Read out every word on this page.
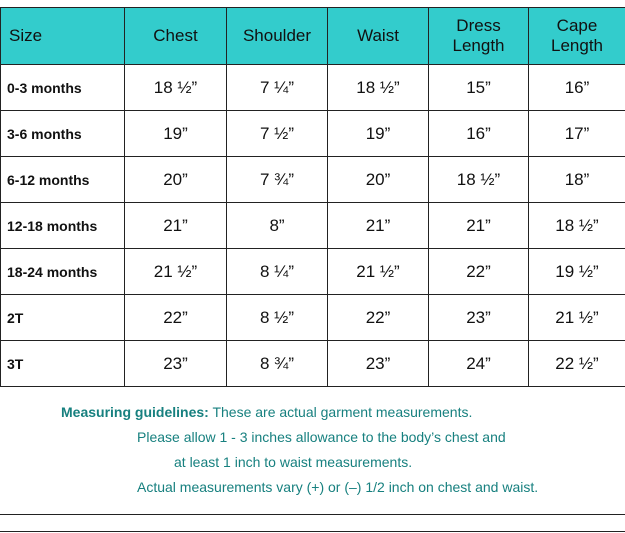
Size	Chest	Shoulder	Waist	Dress Length	Cape Length
0-3 months	18 ½”	7 ¼”	18 ½”	15”	16”
3-6 months	19”	7 ½”	19”	16”	17”
6-12 months	20”	7 ¾”	20”	18 ½”	18”
12-18 months	21”	8”	21”	21”	18 ½”
18-24 months	21 ½”	8 ¼”	21 ½”	22”	19 ½”
2T	22”	8 ½”	22”	23”	21 ½”
3T	23”	8 ¾”	23”	24”	22 ½”
Measuring guidelines: These are actual garment measurements.
Please allow 1 - 3 inches allowance to the body’s chest and
at least 1 inch to waist measurements.
Actual measurements vary (+) or (–) 1/2 inch on chest and waist.
